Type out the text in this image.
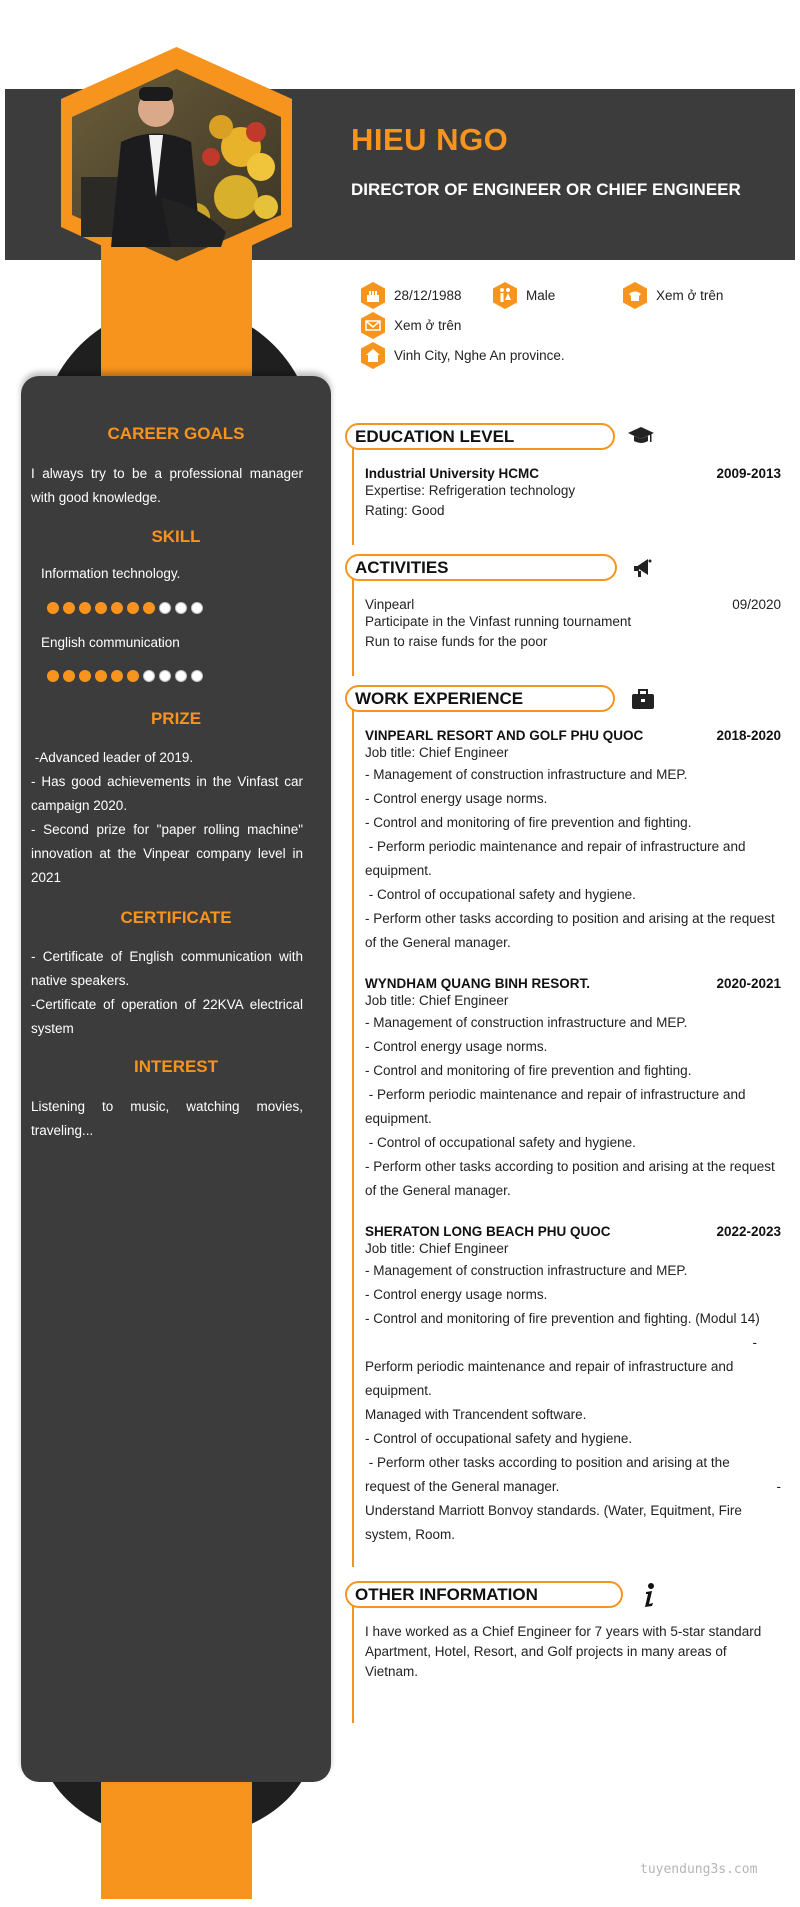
HIEU NGO
DIRECTOR OF ENGINEER OR CHIEF ENGINEER
CAREER GOALS

I always try to be a professional manager with good knowledge.

SKILL
Information technology.
English communication
PRIZE
-Advanced leader of 2019.
- Has good achievements in the Vinfast car campaign 2020.
- Second prize for "paper rolling machine" innovation at the Vinpear company level in 2021
CERTIFICATE
- Certificate of English communication with native speakers.
-Certificate of operation of 22KVA electrical system
INTEREST

Listening to music, watching movies, traveling...

28/12/1988	Male	Xem ở trên
Xem ở trên
Vinh City, Nghe An province.
EDUCATION LEVEL
Industrial University HCMC	2009-2013

Expertise: Refrigeration technology

Rating: Good

ACTIVITIES
Vinpearl	09/2020

Participate in the Vinfast running tournament

Run to raise funds for the poor

WORK EXPERIENCE
VINPEARL RESORT AND GOLF PHU QUOC	2018-2020

Job title: Chief Engineer

- Management of construction infrastructure and MEP.

- Control energy usage norms.

- Control and monitoring of fire prevention and fighting.

- Perform periodic maintenance and repair of infrastructure and equipment.

- Control of occupational safety and hygiene.

- Perform other tasks according to position and arising at the request of the General manager.

WYNDHAM QUANG BINH RESORT.	2020-2021

Job title: Chief Engineer

- Management of construction infrastructure and MEP.

- Control energy usage norms.

- Control and monitoring of fire prevention and fighting.

- Perform periodic maintenance and repair of infrastructure and equipment.

- Control of occupational safety and hygiene.

- Perform other tasks according to position and arising at the request of the General manager.

SHERATON LONG BEACH PHU QUOC	2022-2023

Job title: Chief Engineer

- Management of construction infrastructure and MEP.

- Control energy usage norms.

- Control and monitoring of fire prevention and fighting. (Modul 14)

-

Perform periodic maintenance and repair of infrastructure and equipment.

Managed with Trancendent software.

- Control of occupational safety and hygiene.

- Perform other tasks according to position and arising at the request of the General manager.	-

Understand Marriott Bonvoy standards. (Water, Equitment, Fire system, Room.

OTHER INFORMATION

I have worked as a Chief Engineer for 7 years with 5-star standard Apartment, Hotel, Resort, and Golf projects in many areas of Vietnam.

tuyendung3s.com
